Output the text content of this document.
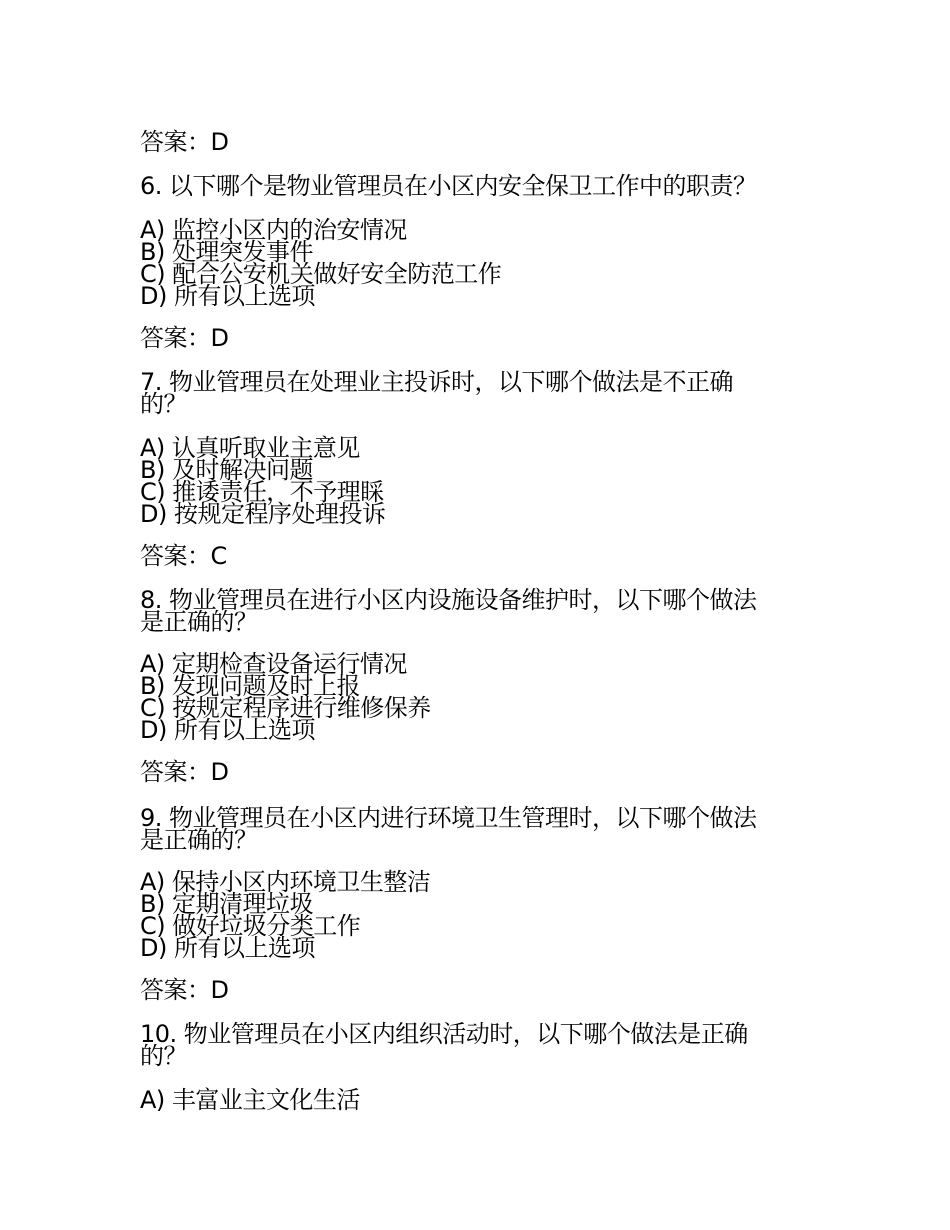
答案：D
6. 以下哪个是物业管理员在小区内安全保卫工作中的职责？
A) 监控小区内的治安情况
B) 处理突发事件
C) 配合公安机关做好安全防范工作
D) 所有以上选项
答案：D
7. 物业管理员在处理业主投诉时，以下哪个做法是不正确
的？
A) 认真听取业主意见
B) 及时解决问题
C) 推诿责任，不予理睬
D) 按规定程序处理投诉
答案：C
8. 物业管理员在进行小区内设施设备维护时，以下哪个做法
是正确的？
A) 定期检查设备运行情况
B) 发现问题及时上报
C) 按规定程序进行维修保养
D) 所有以上选项
答案：D
9. 物业管理员在小区内进行环境卫生管理时，以下哪个做法
是正确的？
A) 保持小区内环境卫生整洁
B) 定期清理垃圾
C) 做好垃圾分类工作
D) 所有以上选项
答案：D
10. 物业管理员在小区内组织活动时，以下哪个做法是正确
的？
A) 丰富业主文化生活
